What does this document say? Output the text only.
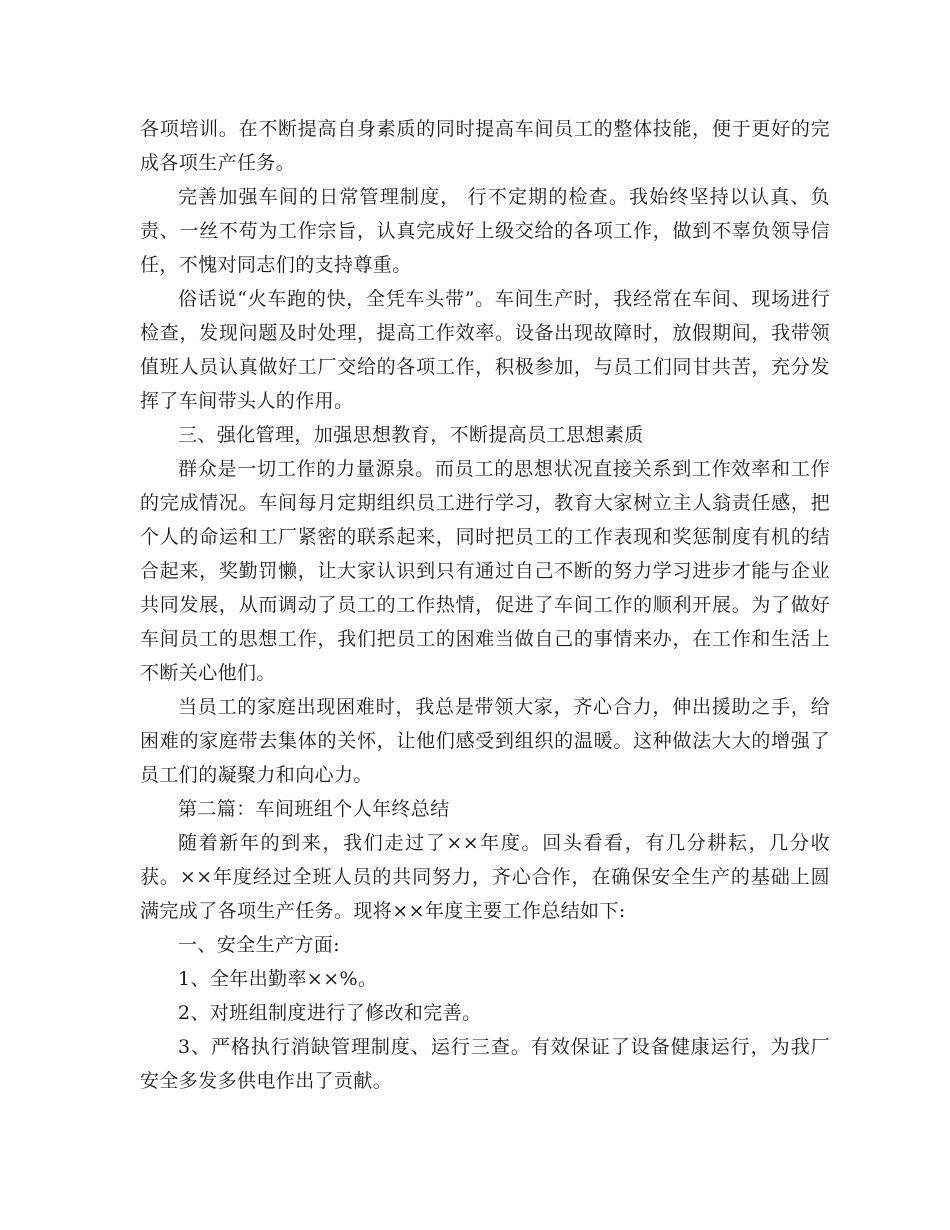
各项培训。在不断提高自身素质的同时提高车间员工的整体技能，便于更好的完成各项生产任务。

完善加强车间的日常管理制度， 行不定期的检查。我始终坚持以认真、负责、一丝不苟为工作宗旨，认真完成好上级交给的各项工作，做到不辜负领导信任，不愧对同志们的支持尊重。

俗话说“火车跑的快，全凭车头带”。车间生产时，我经常在车间、现场进行检查，发现问题及时处理，提高工作效率。设备出现故障时，放假期间，我带领值班人员认真做好工厂交给的各项工作，积极参加，与员工们同甘共苦，充分发挥了车间带头人的作用。

三、强化管理，加强思想教育，不断提高员工思想素质

群众是一切工作的力量源泉。而员工的思想状况直接关系到工作效率和工作的完成情况。车间每月定期组织员工进行学习，教育大家树立主人翁责任感，把个人的命运和工厂紧密的联系起来，同时把员工的工作表现和奖惩制度有机的结合起来，奖勤罚懒，让大家认识到只有通过自己不断的努力学习进步才能与企业共同发展，从而调动了员工的工作热情，促进了车间工作的顺利开展。为了做好车间员工的思想工作，我们把员工的困难当做自己的事情来办，在工作和生活上不断关心他们。

当员工的家庭出现困难时，我总是带领大家，齐心合力，伸出援助之手，给困难的家庭带去集体的关怀，让他们感受到组织的温暖。这种做法大大的增强了员工们的凝聚力和向心力。

第二篇：车间班组个人年终总结

随着新年的到来，我们走过了××年度。回头看看，有几分耕耘，几分收获。××年度经过全班人员的共同努力，齐心合作，在确保安全生产的基础上圆满完成了各项生产任务。现将××年度主要工作总结如下:

一、安全生产方面:

1、全年出勤率××%。

2、对班组制度进行了修改和完善。

3、严格执行消缺管理制度、运行三查。有效保证了设备健康运行，为我厂安全多发多供电作出了贡献。
